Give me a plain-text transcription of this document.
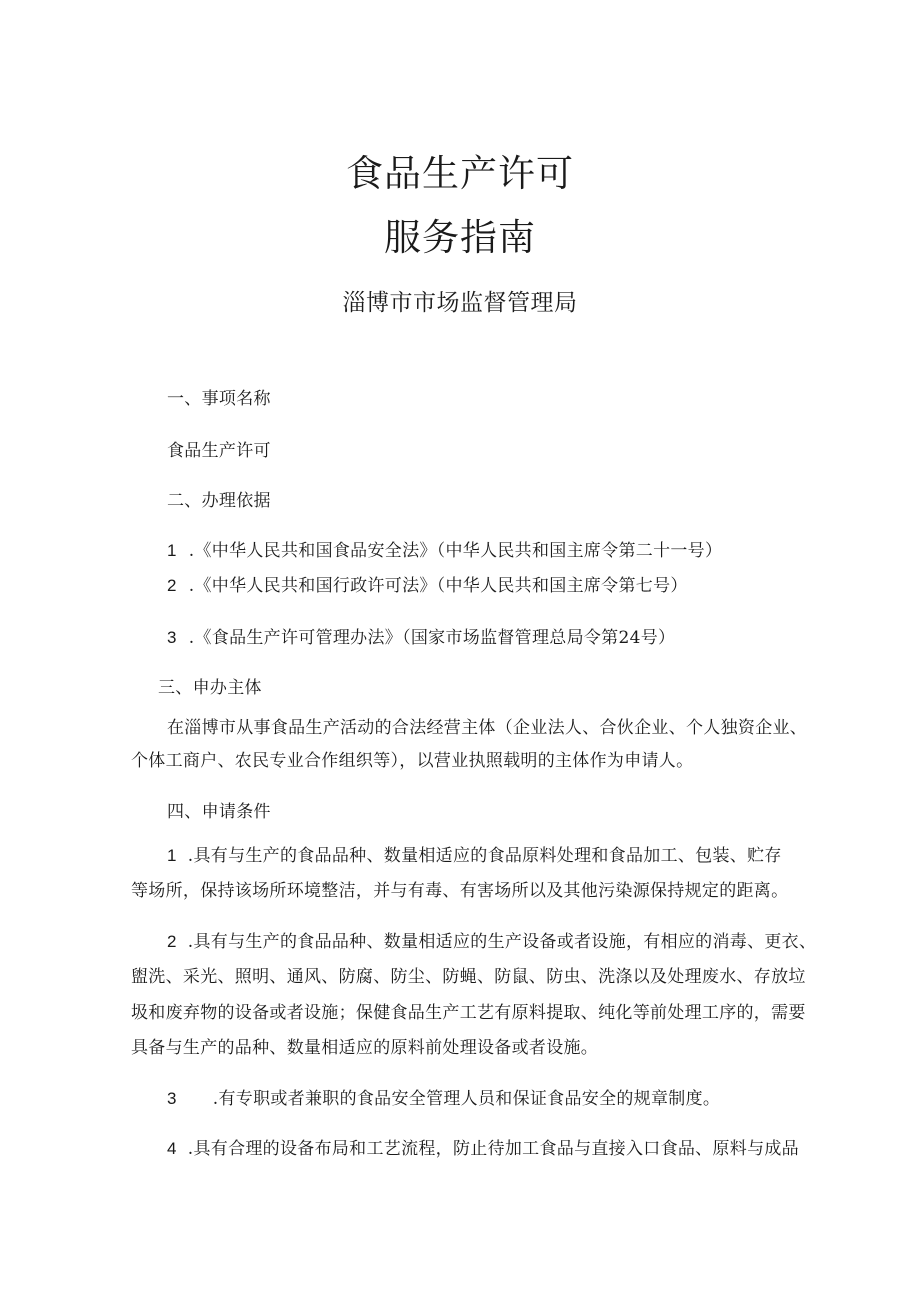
食品生产许可
服务指南
淄博市市场监督管理局
一、事项名称
食品生产许可
二、办理依据
1 .《中华人民共和国食品安全法》（中华人民共和国主席令第二十一号）
2 .《中华人民共和国行政许可法》（中华人民共和国主席令第七号）
3 .《食品生产许可管理办法》（国家市场监督管理总局令第24号）
三、申办主体
在淄博市从事食品生产活动的合法经营主体（企业法人、合伙企业、个人独资企业、
个体工商户、农民专业合作组织等），以营业执照载明的主体作为申请人。
四、申请条件
1 .具有与生产的食品品种、数量相适应的食品原料处理和食品加工、包装、贮存
等场所，保持该场所环境整洁，并与有毒、有害场所以及其他污染源保持规定的距离。
2 .具有与生产的食品品种、数量相适应的生产设备或者设施，有相应的消毒、更衣、
盥洗、采光、照明、通风、防腐、防尘、防蝇、防鼠、防虫、洗涤以及处理废水、存放垃
圾和废弃物的设备或者设施；保健食品生产工艺有原料提取、纯化等前处理工序的，需要
具备与生产的品种、数量相适应的原料前处理设备或者设施。
3 .有专职或者兼职的食品安全管理人员和保证食品安全的规章制度。
4 .具有合理的设备布局和工艺流程，防止待加工食品与直接入口食品、原料与成品
